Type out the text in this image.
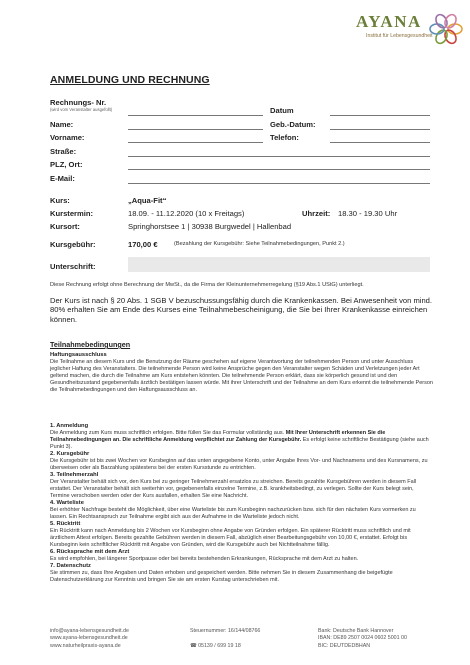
AYANA
Institut für Lebensgesundheit
ANMELDUNG UND RECHNUNG
Rechnungs- Nr.
(wird vom Veranstalter ausgefüllt)	Datum
Name:	Geb.-Datum:
Vorname:	Telefon:
Straße:
PLZ, Ort:
E-Mail:
Kurs:	„Aqua-Fit“
Kurstermin:	18.09. - 11.12.2020 (10 x Freitags)	Uhrzeit: 18.30 - 19.30 Uhr
Kursort:	Springhorstsee 1 | 30938 Burgwedel | Hallenbad
Kursgebühr:	170,00 €	(Bezahlung der Kursgebühr: Siehe Teilnahmebedingungen, Punkt 2.)
Unterschrift:
Diese Rechnung erfolgt ohne Berechnung der MwSt., da die Firma der Kleinunternehmerregelung (§19 Abs.1 UStG) unterliegt.
Der Kurs ist nach § 20 Abs. 1 SGB V bezuschussungsfähig durch die Krankenkassen. Bei Anwesenheit von mind. 80% erhalten Sie am Ende des Kurses eine Teilnahmebescheinigung, die Sie bei Ihrer Krankenkasse einreichen können.
Teilnahmebedingungen
Haftungsausschluss
Die Teilnahme an diesem Kurs und die Benutzung der Räume geschehen auf eigene Verantwortung der teilnehmenden Person und unter Ausschluss jeglicher Haftung des Veranstalters. Die teilnehmende Person wird keine Ansprüche gegen den Veranstalter wegen Schäden und Verletzungen jeder Art geltend machen, die durch die Teilnahme am Kurs entstehen könnten. Die teilnehmende Person erklärt, dass sie körperlich gesund ist und den Gesundheitszustand gegebenenfalls ärztlich bestätigen lassen würde. Mit ihrer Unterschrift und der Teilnahme an dem Kurs erkennt die teilnehmende Person die Teilnahmebedingungen und den Haftungsausschluss an.
1. Anmeldung
Die Anmeldung zum Kurs muss schriftlich erfolgen. Bitte füllen Sie das Formular vollständig aus. Mit Ihrer Unterschrift erkennen Sie die Teilnahmebedingungen an. Die schriftliche Anmeldung verpflichtet zur Zahlung der Kursgebühr. Es erfolgt keine schriftliche Bestätigung (siehe auch Punkt 3).
2. Kursgebühr
Die Kursgebühr ist bis zwei Wochen vor Kursbeginn auf das unten angegebene Konto, unter Angabe Ihres Vor- und Nachnamens und des Kursnamens, zu überweisen oder als Barzahlung spätestens bei der ersten Kursstunde zu entrichten.
3. Teilnehmerzahl
Der Veranstalter behält sich vor, den Kurs bei zu geringer Teilnehmerzahl ersatzlos zu streichen. Bereits gezahlte Kursgebühren werden in diesem Fall erstattet. Der Veranstalter behält sich weiterhin vor, gegebenenfalls einzelne Termine, z.B. krankheitsbedingt, zu verlegen. Sollte der Kurs belegt sein, Termine verschoben werden oder der Kurs ausfallen, erhalten Sie eine Nachricht.
4. Warteliste
Bei erhöhter Nachfrage besteht die Möglichkeit, über eine Warteliste bis zum Kursbeginn nachzurücken bzw. sich für den nächsten Kurs vormerken zu lassen. Ein Rechtsanspruch zur Teilnahme ergibt sich aus der Aufnahme in die Warteliste jedoch nicht.
5. Rücktritt
Ein Rücktritt kann nach Anmeldung bis 2 Wochen vor Kursbeginn ohne Angabe von Gründen erfolgen. Ein späterer Rücktritt muss schriftlich und mit ärztlichem Attest erfolgen. Bereits gezahlte Gebühren werden in diesem Fall, abzüglich einer Bearbeitungsgebühr von 10,00 €, erstattet. Erfolgt bis Kursbeginn kein schriftlicher Rücktritt mit Angabe von Gründen, wird die Kursgebühr auch bei Nichtteilnahme fällig.
6. Rücksprache mit dem Arzt
Es wird empfohlen, bei längerer Sportpause oder bei bereits bestehenden Erkrankungen, Rücksprache mit dem Arzt zu halten.
7. Datenschutz
Sie stimmen zu, dass Ihre Angaben und Daten erhoben und gespeichert werden. Bitte nehmen Sie in diesem Zusammenhang die beigefügte Datenschutzerklärung zur Kenntnis und bringen Sie sie am ersten Kurstag unterschrieben mit.
info@ayana-lebensgesundheit.de
www.ayana-lebensgesundheit.de
www.naturheilpraxis-ayana.de
Steuernummer: 16/144/08766

☎ 05139 / 699 19 18
Bank: Deutsche Bank Hannover
IBAN: DE89 2507 0024 0602 5001 00
BIC: DEUTDEDBHAN
